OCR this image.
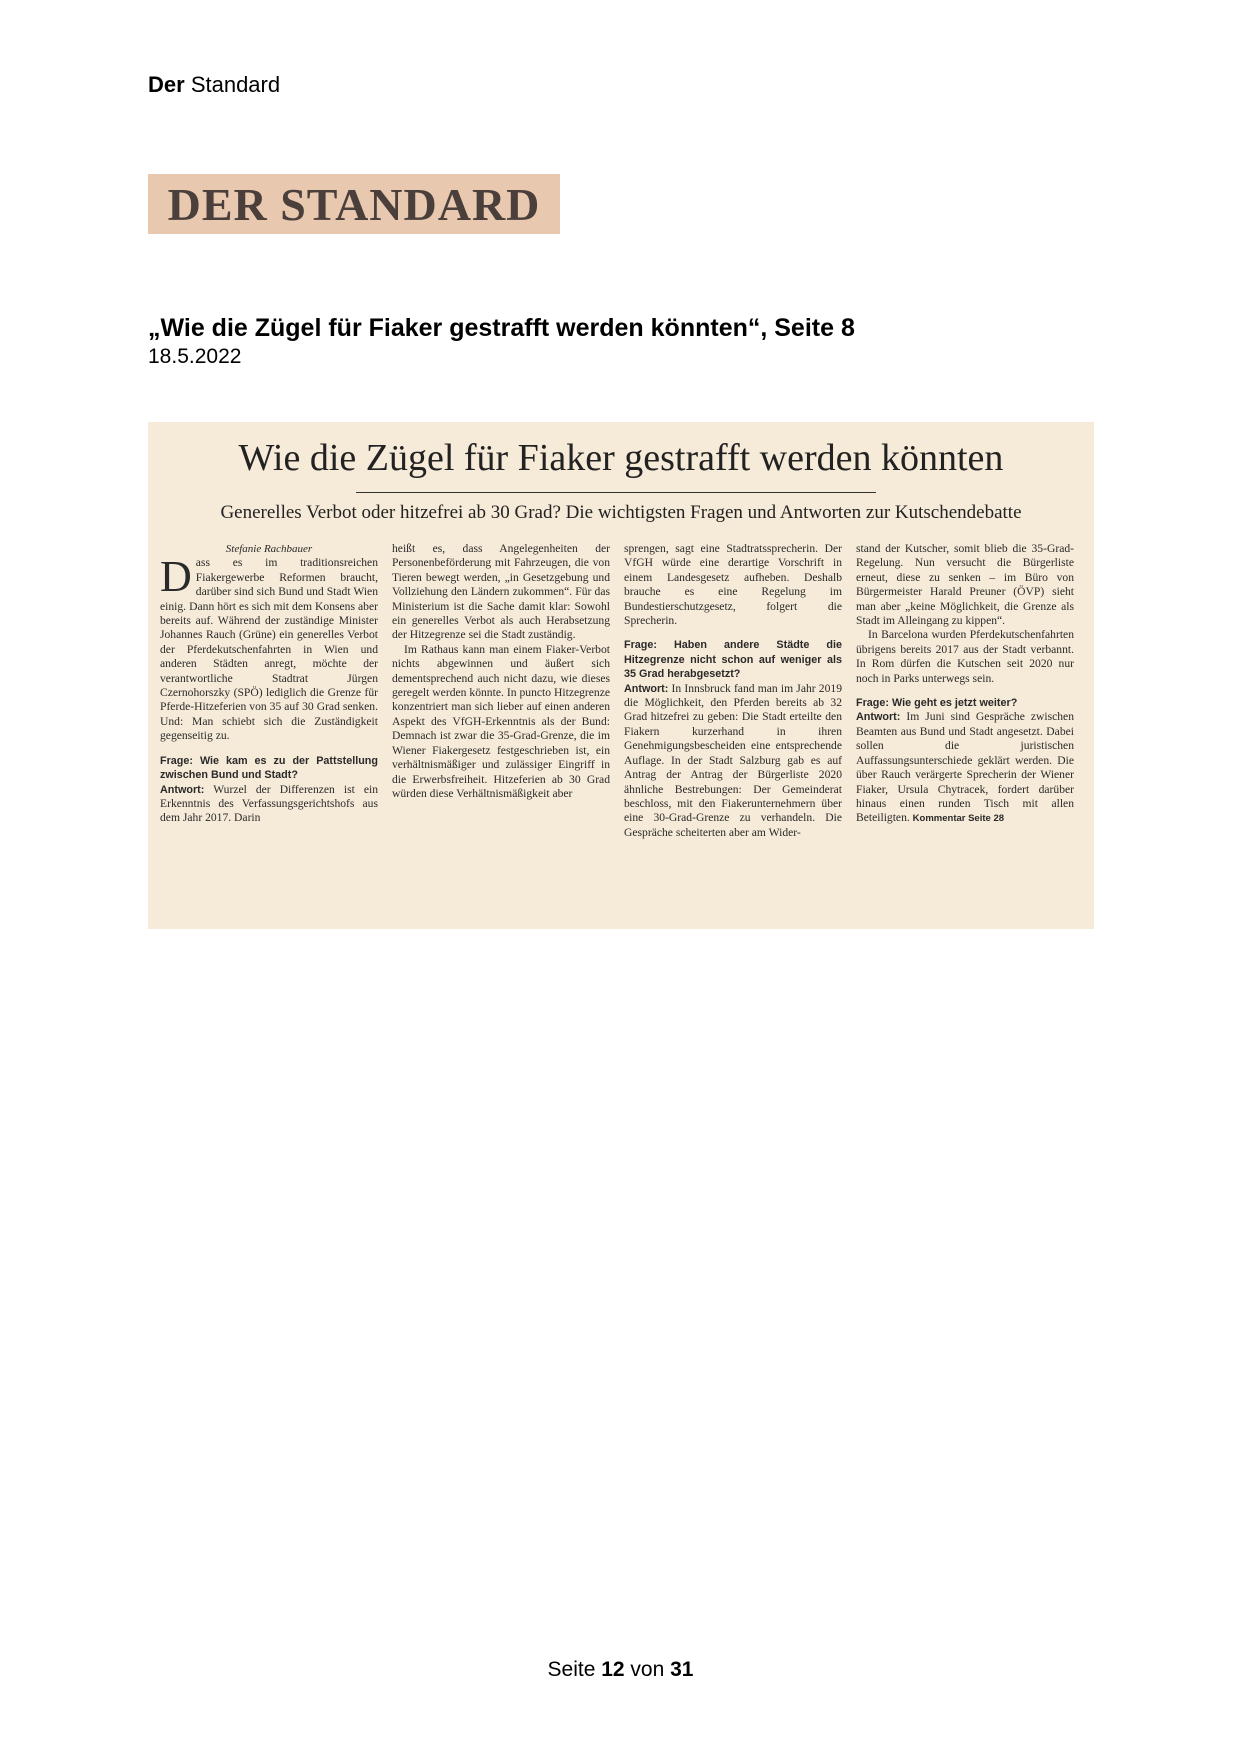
Der Standard
DER STANDARD
„Wie die Zügel für Fiaker gestrafft werden könnten“, Seite 8
18.5.2022
Wie die Zügel für Fiaker gestrafft werden könnten
Generelles Verbot oder hitzefrei ab 30 Grad? Die wichtigsten Fragen und Antworten zur Kutschendebatte

Stefanie Rachbauer

Dass es im traditionsreichen Fiakergewerbe Reformen braucht, darüber sind sich Bund und Stadt Wien einig. Dann hört es sich mit dem Konsens aber bereits auf. Während der zuständige Minister Johannes Rauch (Grüne) ein generelles Verbot der Pferdekutschenfahrten in Wien und anderen Städten anregt, möchte der verantwortliche Stadtrat Jürgen Czernohorszky (SPÖ) lediglich die Grenze für Pferde-Hitzeferien von 35 auf 30 Grad senken. Und: Man schiebt sich die Zuständigkeit gegenseitig zu.

Frage: Wie kam es zu der Pattstellung zwischen Bund und Stadt?

Antwort: Wurzel der Differenzen ist ein Erkenntnis des Verfassungsgerichtshofs aus dem Jahr 2017. Darin

heißt es, dass Angelegenheiten der Personenbeförderung mit Fahrzeugen, die von Tieren bewegt werden, „in Gesetzgebung und Vollziehung den Ländern zukommen“. Für das Ministerium ist die Sache damit klar: Sowohl ein generelles Verbot als auch Herabsetzung der Hitzegrenze sei die Stadt zuständig.

Im Rathaus kann man einem Fiaker-Verbot nichts abgewinnen und äußert sich dementsprechend auch nicht dazu, wie dieses geregelt werden könnte. In puncto Hitzegrenze konzentriert man sich lieber auf einen anderen Aspekt des VfGH-Erkenntnis als der Bund: Demnach ist zwar die 35-Grad-Grenze, die im Wiener Fiakergesetz festgeschrieben ist, ein verhältnismäßiger und zulässiger Eingriff in die Erwerbsfreiheit. Hitzeferien ab 30 Grad würden diese Verhältnismäßigkeit aber

sprengen, sagt eine Stadtratssprecherin. Der VfGH würde eine derartige Vorschrift in einem Landesgesetz aufheben. Deshalb brauche es eine Regelung im Bundestierschutzgesetz, folgert die Sprecherin.

Frage: Haben andere Städte die Hitzegrenze nicht schon auf weniger als 35 Grad herabgesetzt?

Antwort: In Innsbruck fand man im Jahr 2019 die Möglichkeit, den Pferden bereits ab 32 Grad hitzefrei zu geben: Die Stadt erteilte den Fiakern kurzerhand in ihren Genehmigungsbescheiden eine entsprechende Auflage. In der Stadt Salzburg gab es auf Antrag der Antrag der Bürgerliste 2020 ähnliche Bestrebungen: Der Gemeinderat beschloss, mit den Fiakerunternehmern über eine 30-Grad-Grenze zu verhandeln. Die Gespräche scheiterten aber am Wider-

stand der Kutscher, somit blieb die 35-Grad-Regelung. Nun versucht die Bürgerliste erneut, diese zu senken – im Büro von Bürgermeister Harald Preuner (ÖVP) sieht man aber „keine Möglichkeit, die Grenze als Stadt im Alleingang zu kippen“.

In Barcelona wurden Pferdekutschenfahrten übrigens bereits 2017 aus der Stadt verbannt. In Rom dürfen die Kutschen seit 2020 nur noch in Parks unterwegs sein.

Frage: Wie geht es jetzt weiter?

Antwort: Im Juni sind Gespräche zwischen Beamten aus Bund und Stadt angesetzt. Dabei sollen die juristischen Auffassungsunterschiede geklärt werden. Die über Rauch verärgerte Sprecherin der Wiener Fiaker, Ursula Chytracek, fordert darüber hinaus einen runden Tisch mit allen Beteiligten. Kommentar Seite 28

Seite 12 von 31
